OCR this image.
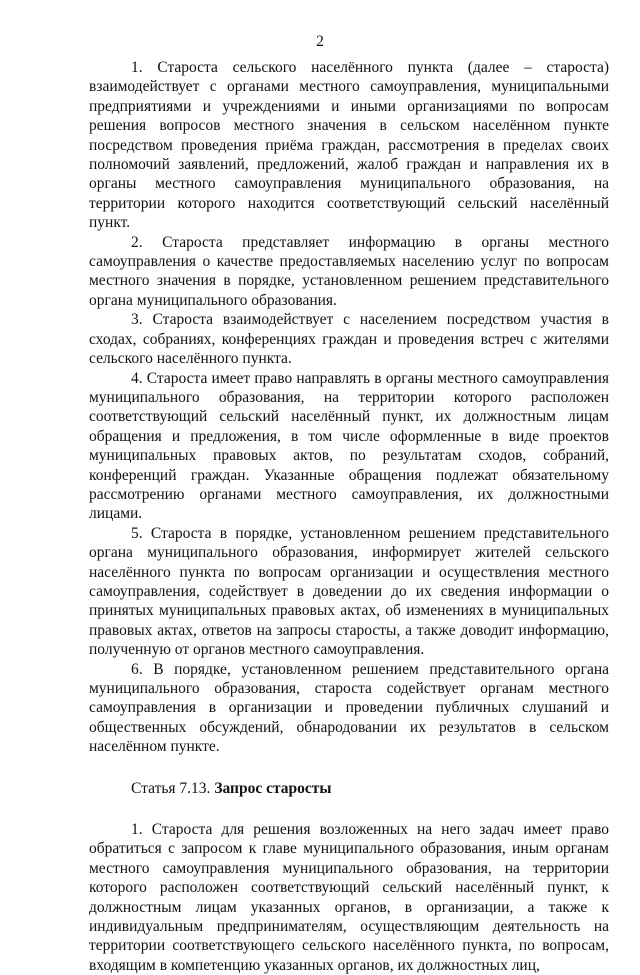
2

1. Староста сельского населённого пункта (далее – староста) взаимодействует с органами местного самоуправления, муниципальными предприятиями и учреждениями и иными организациями по вопросам решения вопросов местного значения в сельском населённом пункте посредством проведения приёма граждан, рассмотрения в пределах своих полномочий заявлений, предложений, жалоб граждан и направления их в органы местного самоуправления муниципального образования, на территории которого находится соответствующий сельский населённый пункт.

2. Староста представляет информацию в органы местного самоуправления о качестве предоставляемых населению услуг по вопросам местного значения в порядке, установленном решением представительного органа муниципального образования.

3. Староста взаимодействует с населением посредством участия в сходах, собраниях, конференциях граждан и проведения встреч с жителями сельского населённого пункта.

4. Староста имеет право направлять в органы местного самоуправления муниципального образования, на территории которого расположен соответствующий сельский населённый пункт, их должностным лицам обращения и предложения, в том числе оформленные в виде проектов муниципальных правовых актов, по результатам сходов, собраний, конференций граждан. Указанные обращения подлежат обязательному рассмотрению органами местного самоуправления, их должностными лицами.

5. Староста в порядке, установленном решением представительного органа муниципального образования, информирует жителей сельского населённого пункта по вопросам организации и осуществления местного самоуправления, содействует в доведении до их сведения информации о принятых муниципальных правовых актах, об изменениях в муниципальных правовых актах, ответов на запросы старосты, а также доводит информацию, полученную от органов местного самоуправления.

6. В порядке, установленном решением представительного органа муниципального образования, староста содействует органам местного самоуправления в организации и проведении публичных слушаний и общественных обсуждений, обнародовании их результатов в сельском населённом пункте.

Статья 7.13. Запрос старосты

1. Староста для решения возложенных на него задач имеет право обратиться с запросом к главе муниципального образования, иным органам местного самоуправления муниципального образования, на территории которого расположен соответствующий сельский населённый пункт, к должностным лицам указанных органов, в организации, а также к индивидуальным предпринимателям, осуществляющим деятельность на территории соответствующего сельского населённого пункта, по вопросам, входящим в компетенцию указанных органов, их должностных лиц,
